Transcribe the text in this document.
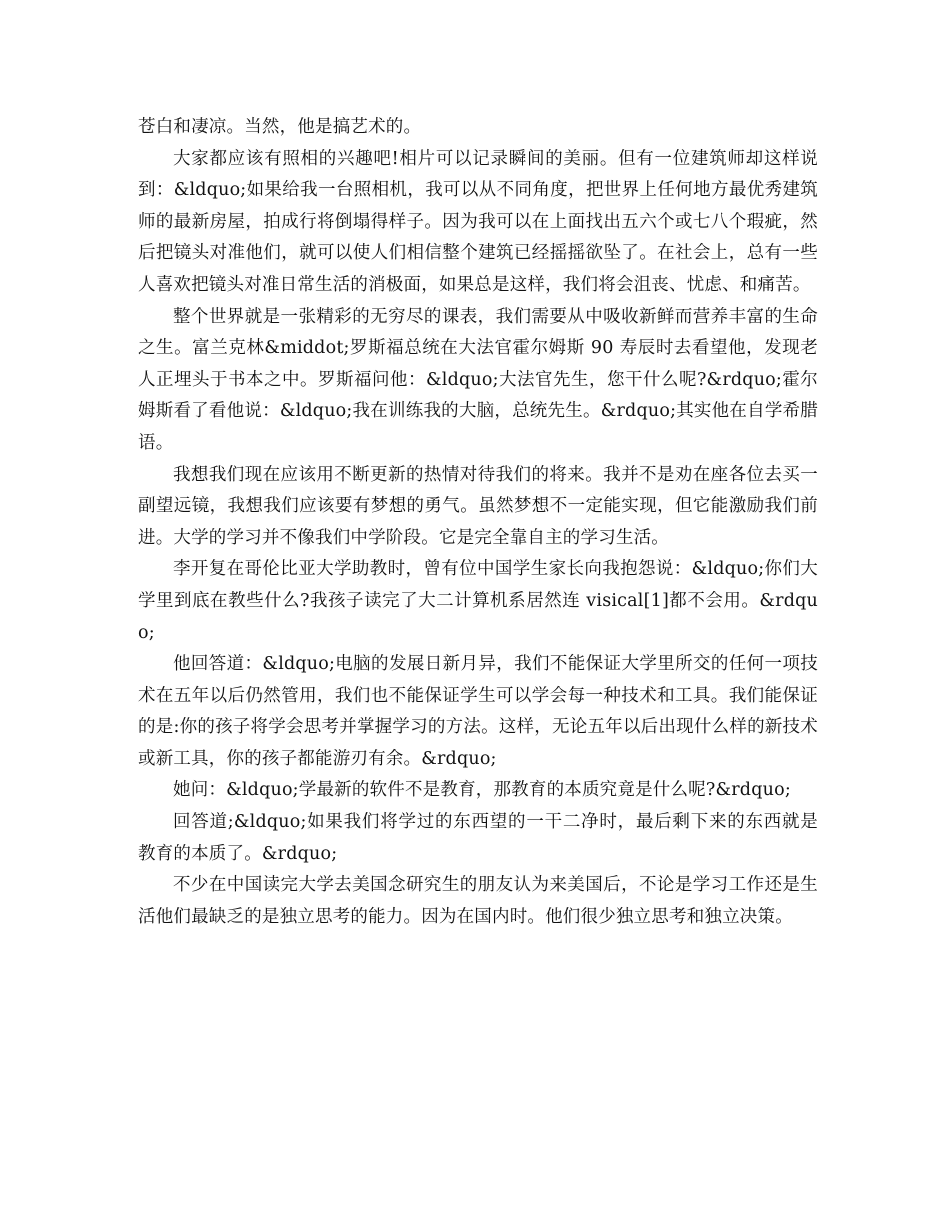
苍白和凄凉。当然，他是搞艺术的。

大家都应该有照相的兴趣吧!相片可以记录瞬间的美丽。但有一位建筑师却这样说到：&ldquo;如果给我一台照相机，我可以从不同角度，把世界上任何地方最优秀建筑师的最新房屋，拍成行将倒塌得样子。因为我可以在上面找出五六个或七八个瑕疵，然后把镜头对准他们，就可以使人们相信整个建筑已经摇摇欲坠了。在社会上，总有一些人喜欢把镜头对准日常生活的消极面，如果总是这样，我们将会沮丧、忧虑、和痛苦。

整个世界就是一张精彩的无穷尽的课表，我们需要从中吸收新鲜而营养丰富的生命之生。富兰克林&middot;罗斯福总统在大法官霍尔姆斯 90 寿辰时去看望他，发现老人正埋头于书本之中。罗斯福问他：&ldquo;大法官先生，您干什么呢?&rdquo;霍尔姆斯看了看他说：&ldquo;我在训练我的大脑，总统先生。&rdquo;其实他在自学希腊语。

我想我们现在应该用不断更新的热情对待我们的将来。我并不是劝在座各位去买一副望远镜，我想我们应该要有梦想的勇气。虽然梦想不一定能实现，但它能激励我们前进。大学的学习并不像我们中学阶段。它是完全靠自主的学习生活。

李开复在哥伦比亚大学助教时，曾有位中国学生家长向我抱怨说：&ldquo;你们大学里到底在教些什么?我孩子读完了大二计算机系居然连 visical[1]都不会用。&rdquo;

他回答道：&ldquo;电脑的发展日新月异，我们不能保证大学里所交的任何一项技术在五年以后仍然管用，我们也不能保证学生可以学会每一种技术和工具。我们能保证的是:你的孩子将学会思考并掌握学习的方法。这样，无论五年以后出现什么样的新技术或新工具，你的孩子都能游刃有余。&rdquo;

她问：&ldquo;学最新的软件不是教育，那教育的本质究竟是什么呢?&rdquo;

回答道;&ldquo;如果我们将学过的东西望的一干二净时，最后剩下来的东西就是教育的本质了。&rdquo;

不少在中国读完大学去美国念研究生的朋友认为来美国后，不论是学习工作还是生活他们最缺乏的是独立思考的能力。因为在国内时。他们很少独立思考和独立决策。
